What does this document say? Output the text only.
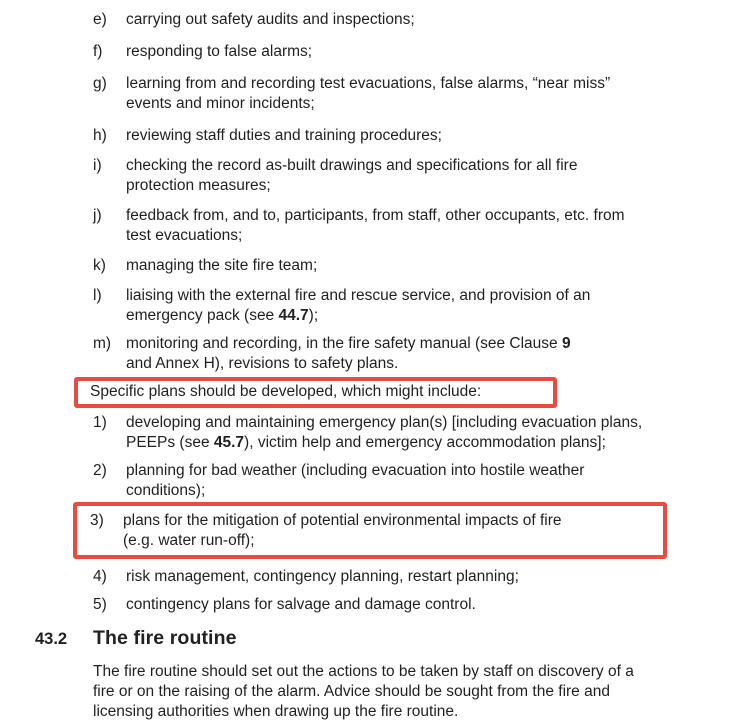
e)	carrying out safety audits and inspections;
f)	responding to false alarms;
g)	learning from and recording test evacuations, false alarms, “near miss”
events and minor incidents;
h)	reviewing staff duties and training procedures;
i)	checking the record as-built drawings and specifications for all fire
protection measures;
j)	feedback from, and to, participants, from staff, other occupants, etc. from
test evacuations;
k)	managing the site fire team;
l)	liaising with the external fire and rescue service, and provision of an
emergency pack (see 44.7);
m) monitoring and recording, in the fire safety manual (see Clause 9
and Annex H), revisions to safety plans.
Specific plans should be developed, which might include:
1)	developing and maintaining emergency plan(s) [including evacuation plans,
PEEPs (see 45.7), victim help and emergency accommodation plans];
2)	planning for bad weather (including evacuation into hostile weather
conditions);
3)	plans for the mitigation of potential environmental impacts of fire
(e.g. water run-off);
4)	risk management, contingency planning, restart planning;
5)	contingency plans for salvage and damage control.
43.2	The fire routine
The fire routine should set out the actions to be taken by staff on discovery of a
fire or on the raising of the alarm. Advice should be sought from the fire and
licensing authorities when drawing up the fire routine.
